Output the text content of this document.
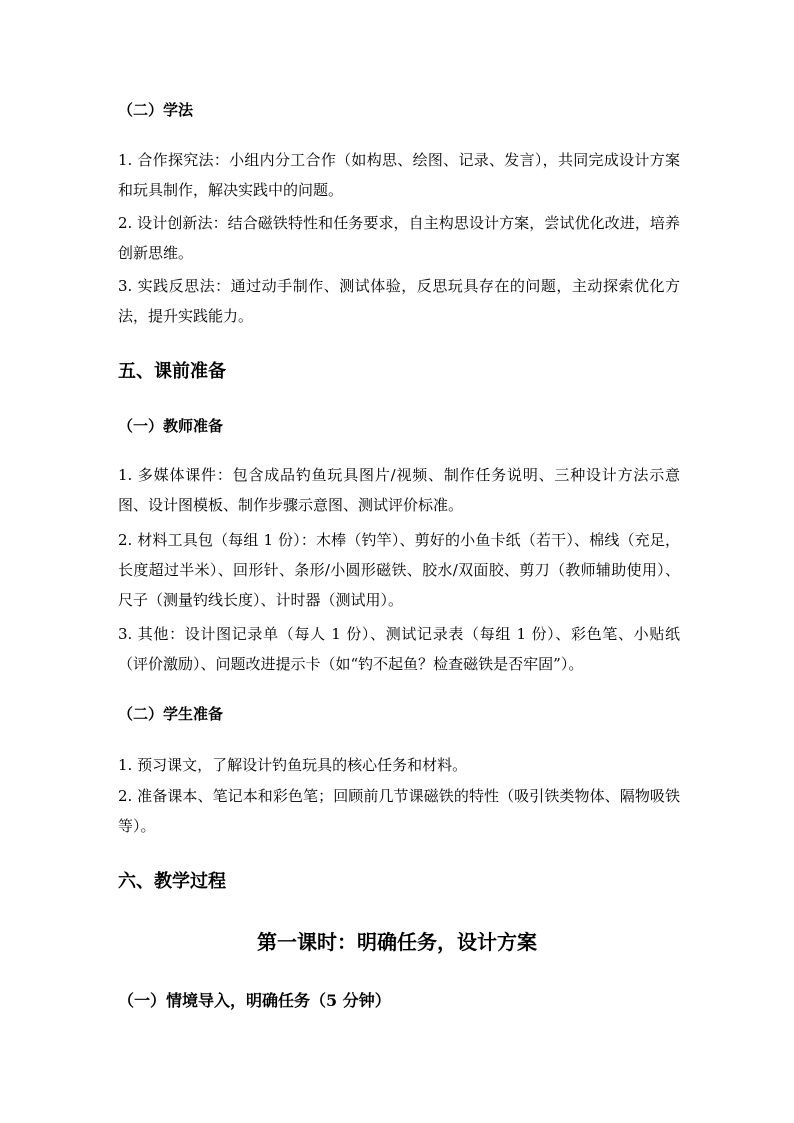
（二）学法

1. 合作探究法：小组内分工合作（如构思、绘图、记录、发言），共同完成设计方案和玩具制作，解决实践中的问题。

2. 设计创新法：结合磁铁特性和任务要求，自主构思设计方案，尝试优化改进，培养创新思维。

3. 实践反思法：通过动手制作、测试体验，反思玩具存在的问题，主动探索优化方法，提升实践能力。

五、课前准备

（一）教师准备

1. 多媒体课件：包含成品钓鱼玩具图片/视频、制作任务说明、三种设计方法示意图、设计图模板、制作步骤示意图、测试评价标准。

2. 材料工具包（每组 1 份）：木棒（钓竿）、剪好的小鱼卡纸（若干）、棉线（充足，长度超过半米）、回形针、条形/小圆形磁铁、胶水/双面胶、剪刀（教师辅助使用）、尺子（测量钓线长度）、计时器（测试用）。

3. 其他：设计图记录单（每人 1 份）、测试记录表（每组 1 份）、彩色笔、小贴纸（评价激励）、问题改进提示卡（如“钓不起鱼？检查磁铁是否牢固”）。

（二）学生准备

1. 预习课文，了解设计钓鱼玩具的核心任务和材料。

2. 准备课本、笔记本和彩色笔；回顾前几节课磁铁的特性（吸引铁类物体、隔物吸铁等）。

六、教学过程

第一课时：明确任务，设计方案

（一）情境导入，明确任务（5 分钟）
